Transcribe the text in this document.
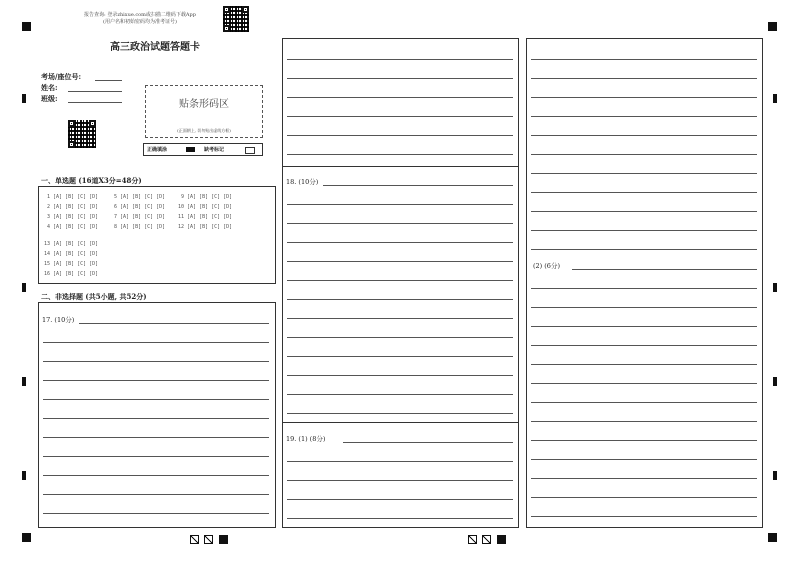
报告查询: 登录zhixue.com或扫描二维码下载App
(用户名和初始密码均为准考证号)
高三政治试题答题卡
考场/座位号:
姓名:
班级:
贴条形码区
(正面朝上, 切勿贴出虚线方框)
正确填涂	缺考标记
一、单选题 (16道X3分=48分)
1 [A] [B] [C] [D]
2 [A] [B] [C] [D]
3 [A] [B] [C] [D]
4 [A] [B] [C] [D]
5 [A] [B] [C] [D]
6 [A] [B] [C] [D]
7 [A] [B] [C] [D]
8 [A] [B] [C] [D]
9 [A] [B] [C] [D]
10 [A] [B] [C] [D]
11 [A] [B] [C] [D]
12 [A] [B] [C] [D]
13 [A] [B] [C] [D]
14 [A] [B] [C] [D]
15 [A] [B] [C] [D]
16 [A] [B] [C] [D]
二、非选择题 (共5小题, 共52分)
17. (10分)
18. (10分)
19. (1) (8分)
(2) (6分)
